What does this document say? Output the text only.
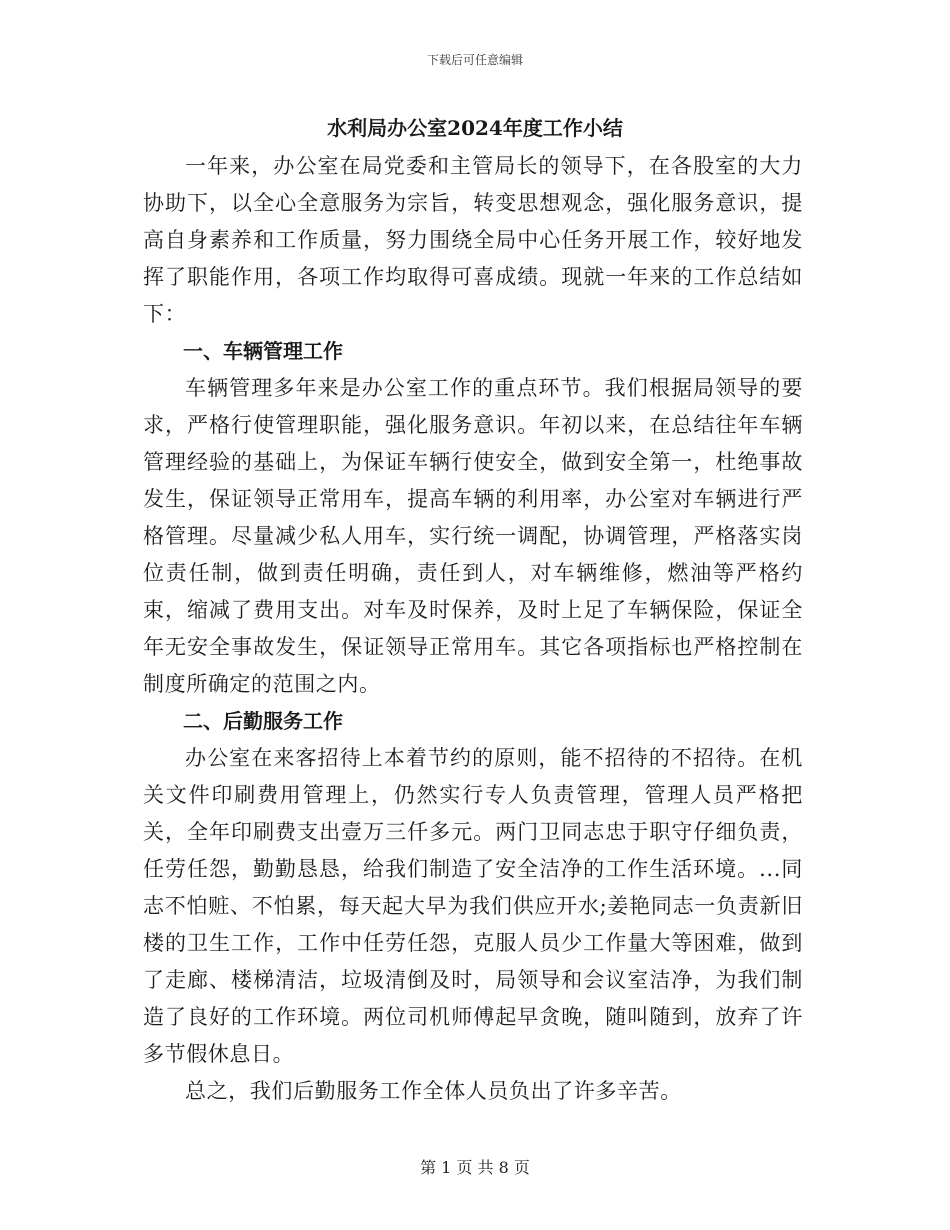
下载后可任意编辑
水利局办公室2024年度工作小结

一年来，办公室在局党委和主管局长的领导下，在各股室的大力协助下，以全心全意服务为宗旨，转变思想观念，强化服务意识，提高自身素养和工作质量，努力围绕全局中心任务开展工作，较好地发挥了职能作用，各项工作均取得可喜成绩。现就一年来的工作总结如下：

一、车辆管理工作

车辆管理多年来是办公室工作的重点环节。我们根据局领导的要求，严格行使管理职能，强化服务意识。年初以来，在总结往年车辆管理经验的基础上，为保证车辆行使安全，做到安全第一，杜绝事故发生，保证领导正常用车，提高车辆的利用率，办公室对车辆进行严格管理。尽量减少私人用车，实行统一调配，协调管理，严格落实岗位责任制，做到责任明确，责任到人，对车辆维修，燃油等严格约束，缩减了费用支出。对车及时保养，及时上足了车辆保险，保证全年无安全事故发生，保证领导正常用车。其它各项指标也严格控制在制度所确定的范围之内。

二、后勤服务工作

办公室在来客招待上本着节约的原则，能不招待的不招待。在机关文件印刷费用管理上，仍然实行专人负责管理，管理人员严格把关，全年印刷费支出壹万三仟多元。两门卫同志忠于职守仔细负责，任劳任怨，勤勤恳恳，给我们制造了安全洁净的工作生活环境。...同志不怕赃、不怕累，每天起大早为我们供应开水;姜艳同志一负责新旧楼的卫生工作，工作中任劳任怨，克服人员少工作量大等困难，做到了走廊、楼梯清洁，垃圾清倒及时，局领导和会议室洁净，为我们制造了良好的工作环境。两位司机师傅起早贪晚，随叫随到，放弃了许多节假休息日。

总之，我们后勤服务工作全体人员负出了许多辛苦。

第 1 页 共 8 页
